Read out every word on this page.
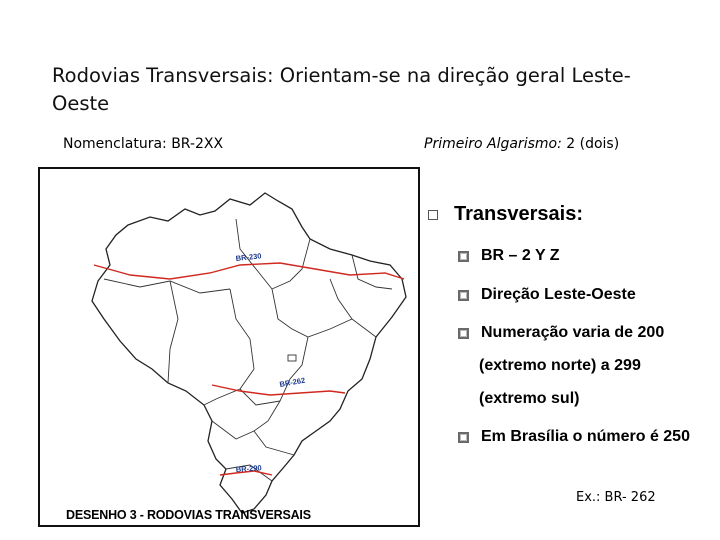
Rodovias Transversais: Orientam-se na direção geral Leste-Oeste
Nomenclatura: BR-2XX	Primeiro Algarismo: 2 (dois)
BR-230
BR-262
BR-290
DESENHO 3 - RODOVIAS TRANSVERSAIS
Transversais:
BR – 2 Y Z
Direção Leste-Oeste
Numeração varia de 200
(extremo norte) a 299
(extremo sul)
Em Brasília o número é 250
Ex.: BR- 262
